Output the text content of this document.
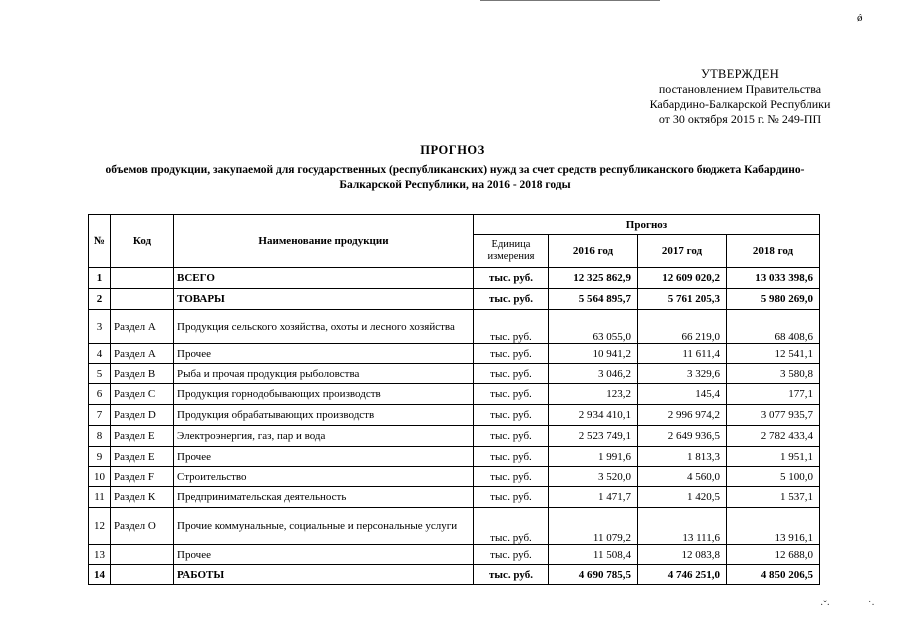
ǿ
УТВЕРЖДЕН
постановлением Правительства
Кабардино-Балкарской Республики
от 30 октября 2015 г. № 249-ПП
ПРОГНОЗ
объемов продукции, закупаемой для государственных (республиканских) нужд за счет средств республиканского бюджета Кабардино-Балкарской Республики, на 2016 - 2018 годы
№	Код	Наименование продукции	Прогноз			
			Единица измерения	2016 год	2017 год	2018 год
1		ВСЕГО	тыс. руб.	12 325 862,9	12 609 020,2	13 033 398,6
2		ТОВАРЫ	тыс. руб.	5 564 895,7	5 761 205,3	5 980 269,0
3	Раздел А	Продукция сельского хозяйства, охоты и лесного хозяйства	тыс. руб.	63 055,0	66 219,0	68 408,6
4	Раздел А	Прочее	тыс. руб.	10 941,2	11 611,4	12 541,1
5	Раздел В	Рыба и прочая продукция рыболовства	тыс. руб.	3 046,2	3 329,6	3 580,8
6	Раздел С	Продукция горнодобывающих производств	тыс. руб.	123,2	145,4	177,1
7	Раздел D	Продукция обрабатывающих производств	тыс. руб.	2 934 410,1	2 996 974,2	3 077 935,7
8	Раздел Е	Электроэнергия, газ, пар и вода	тыс. руб.	2 523 749,1	2 649 936,5	2 782 433,4
9	Раздел Е	Прочее	тыс. руб.	1 991,6	1 813,3	1 951,1
10	Раздел F	Строительство	тыс. руб.	3 520,0	4 560,0	5 100,0
11	Раздел К	Предпринимательская деятельность	тыс. руб.	1 471,7	1 420,5	1 537,1
12	Раздел О	Прочие коммунальные, социальные и персональные услуги	тыс. руб.	11 079,2	13 111,6	13 916,1
13		Прочее	тыс. руб.	11 508,4	12 083,8	12 688,0
14		РАБОТЫ	тыс. руб.	4 690 785,5	4 746 251,0	4 850 206,5
·ˇ·	˙·
